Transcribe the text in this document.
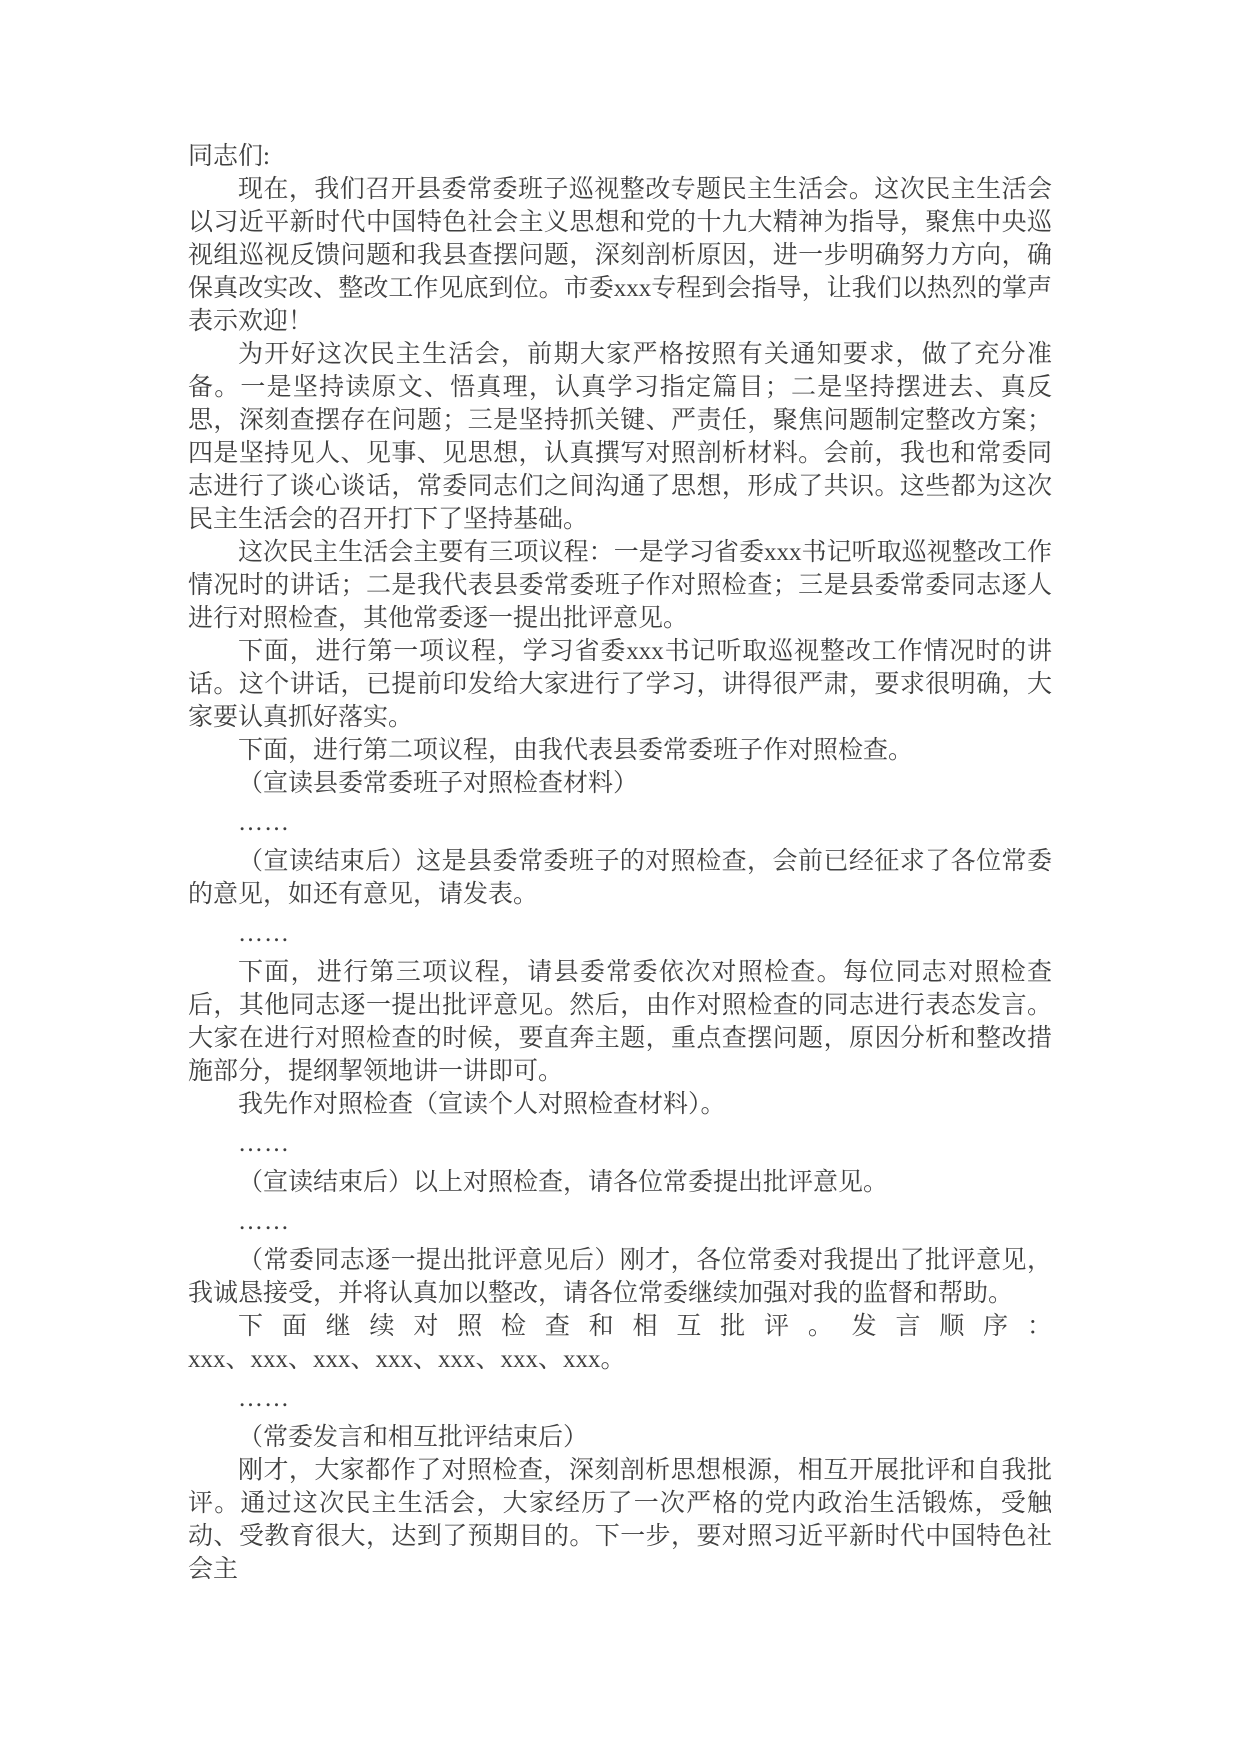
同志们:

现在，我们召开县委常委班子巡视整改专题民主生活会。这次民主生活会以习近平新时代中国特色社会主义思想和党的十九大精神为指导，聚焦中央巡视组巡视反馈问题和我县查摆问题，深刻剖析原因，进一步明确努力方向，确保真改实改、整改工作见底到位。市委xxx专程到会指导，让我们以热烈的掌声表示欢迎！

为开好这次民主生活会，前期大家严格按照有关通知要求，做了充分准备。一是坚持读原文、悟真理，认真学习指定篇目；二是坚持摆进去、真反思，深刻查摆存在问题；三是坚持抓关键、严责任，聚焦问题制定整改方案；四是坚持见人、见事、见思想，认真撰写对照剖析材料。会前，我也和常委同志进行了谈心谈话，常委同志们之间沟通了思想，形成了共识。这些都为这次民主生活会的召开打下了坚持基础。

这次民主生活会主要有三项议程：一是学习省委xxx书记听取巡视整改工作情况时的讲话；二是我代表县委常委班子作对照检查；三是县委常委同志逐人进行对照检查，其他常委逐一提出批评意见。

下面，进行第一项议程，学习省委xxx书记听取巡视整改工作情况时的讲话。这个讲话，已提前印发给大家进行了学习，讲得很严肃，要求很明确，大家要认真抓好落实。

下面，进行第二项议程，由我代表县委常委班子作对照检查。

（宣读县委常委班子对照检查材料）

……

（宣读结束后）这是县委常委班子的对照检查，会前已经征求了各位常委的意见，如还有意见，请发表。

……

下面，进行第三项议程，请县委常委依次对照检查。每位同志对照检查后，其他同志逐一提出批评意见。然后，由作对照检查的同志进行表态发言。大家在进行对照检查的时候，要直奔主题，重点查摆问题，原因分析和整改措施部分，提纲挈领地讲一讲即可。

我先作对照检查（宣读个人对照检查材料）。

……

（宣读结束后）以上对照检查，请各位常委提出批评意见。

……

（常委同志逐一提出批评意见后）刚才，各位常委对我提出了批评意见，我诚恳接受，并将认真加以整改，请各位常委继续加强对我的监督和帮助。

下面继续对照检查和相互批评。发言顺序：

xxx、xxx、xxx、xxx、xxx、xxx、xxx。

……

（常委发言和相互批评结束后）

刚才，大家都作了对照检查，深刻剖析思想根源，相互开展批评和自我批评。通过这次民主生活会，大家经历了一次严格的党内政治生活锻炼，受触动、受教育很大，达到了预期目的。下一步，要对照习近平新时代中国特色社会主
